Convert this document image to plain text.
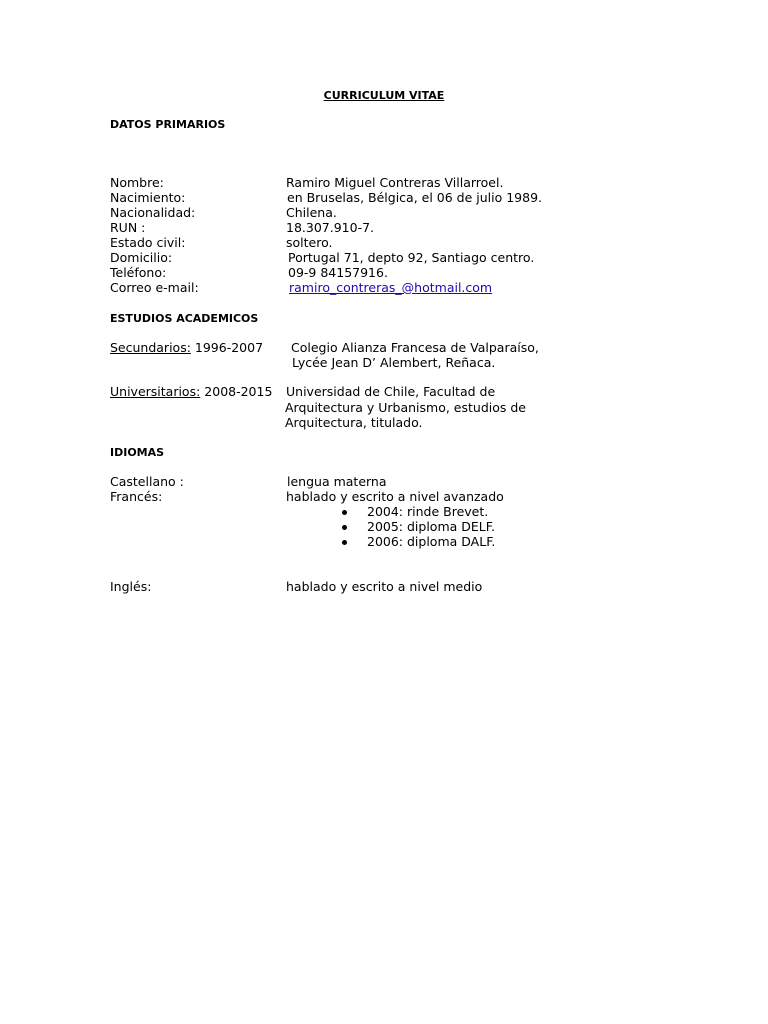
CURRICULUM VITAE
DATOS PRIMARIOS
Nombre:	Ramiro Miguel Contreras Villarroel.
Nacimiento:	en Bruselas, Bélgica, el 06 de julio 1989.
Nacionalidad:	Chilena.
RUN :	18.307.910-7.
Estado civil:	soltero.
Domicilio:	Portugal 71, depto 92, Santiago centro.
Teléfono:	09-9 84157916.
Correo e-mail:	ramiro_contreras_@hotmail.com
ESTUDIOS ACADEMICOS
Secundarios: 1996-2007 Colegio Alianza Francesa de Valparaíso,
Lycée Jean D’ Alembert, Reñaca.
Universitarios: 2008-2015 Universidad de Chile, Facultad de
Arquitectura y Urbanismo, estudios de
Arquitectura, titulado.
IDIOMAS
Castellano :	lengua materna
Francés:	hablado y escrito a nivel avanzado
2004: rinde Brevet.
2005: diploma DELF.
2006: diploma DALF.
Inglés:	hablado y escrito a nivel medio
